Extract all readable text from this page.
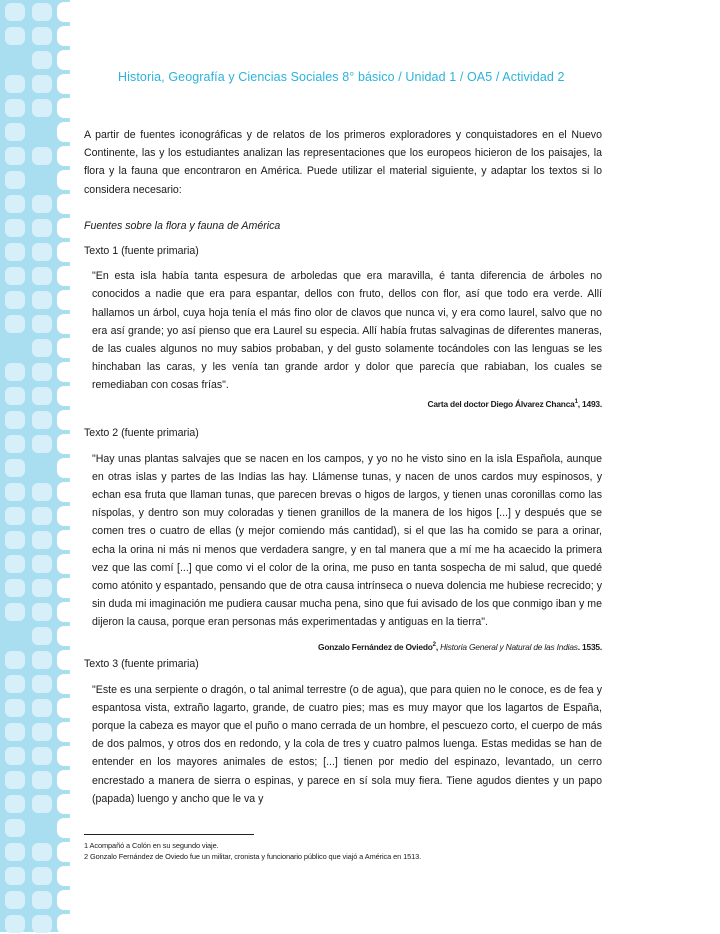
Historia, Geografía y Ciencias Sociales 8° básico / Unidad 1 / OA5 / Actividad 2

A partir de fuentes iconográficas y de relatos de los primeros exploradores y conquistadores en el Nuevo Continente, las y los estudiantes analizan las representaciones que los europeos hicieron de los paisajes, la flora y la fauna que encontraron en América. Puede utilizar el material siguiente, y adaptar los textos si lo considera necesario:

Fuentes sobre la flora y fauna de América

Texto 1 (fuente primaria)

"En esta isla había tanta espesura de arboledas que era maravilla, é tanta diferencia de árboles no conocidos a nadie que era para espantar, dellos con fruto, dellos con flor, así que todo era verde. Allí hallamos un árbol, cuya hoja tenía el más fino olor de clavos que nunca vi, y era como laurel, salvo que no era así grande; yo así pienso que era Laurel su especia. Allí había frutas salvaginas de diferentes maneras, de las cuales algunos no muy sabios probaban, y del gusto solamente tocándoles con las lenguas se les hinchaban las caras, y les venía tan grande ardor y dolor que parecía que rabiaban, los cuales se remediaban con cosas frías".

Carta del doctor Diego Álvarez Chanca$^1$, 1493.

Texto 2 (fuente primaria)

"Hay unas plantas salvajes que se nacen en los campos, y yo no he visto sino en la isla Española, aunque en otras islas y partes de las Indias las hay. Llámense tunas, y nacen de unos cardos muy espinosos, y echan esa fruta que llaman tunas, que parecen brevas o higos de largos, y tienen unas coronillas como las níspolas, y dentro son muy coloradas y tienen granillos de la manera de los higos [...] y después que se comen tres o cuatro de ellas (y mejor comiendo más cantidad), si el que las ha comido se para a orinar, echa la orina ni más ni menos que verdadera sangre, y en tal manera que a mí me ha acaecido la primera vez que las comí [...] que como vi el color de la orina, me puso en tanta sospecha de mi salud, que quedé como atónito y espantado, pensando que de otra causa intrínseca o nueva dolencia me hubiese recrecido; y sin duda mi imaginación me pudiera causar mucha pena, sino que fui avisado de los que conmigo iban y me dijeron la causa, porque eran personas más experimentadas y antiguas en la tierra".

Gonzalo Fernández de Oviedo$^2$, Historia General y Natural de las Indias. 1535.

Texto 3 (fuente primaria)

"Este es una serpiente o dragón, o tal animal terrestre (o de agua), que para quien no le conoce, es de fea y espantosa vista, extraño lagarto, grande, de cuatro pies; mas es muy mayor que los lagartos de España, porque la cabeza es mayor que el puño o mano cerrada de un hombre, el pescuezo corto, el cuerpo de más de dos palmos, y otros dos en redondo, y la cola de tres y cuatro palmos luenga. Estas medidas se han de entender en los mayores animales de estos; [...] tienen por medio del espinazo, levantado, un cerro encrestado a manera de sierra o espinas, y parece en sí sola muy fiera. Tiene agudos dientes y un papo (papada) luengo y ancho que le va y

1 Acompañó a Colón en su segundo viaje.
2 Gonzalo Fernández de Oviedo fue un militar, cronista y funcionario público que viajó a América en 1513.
